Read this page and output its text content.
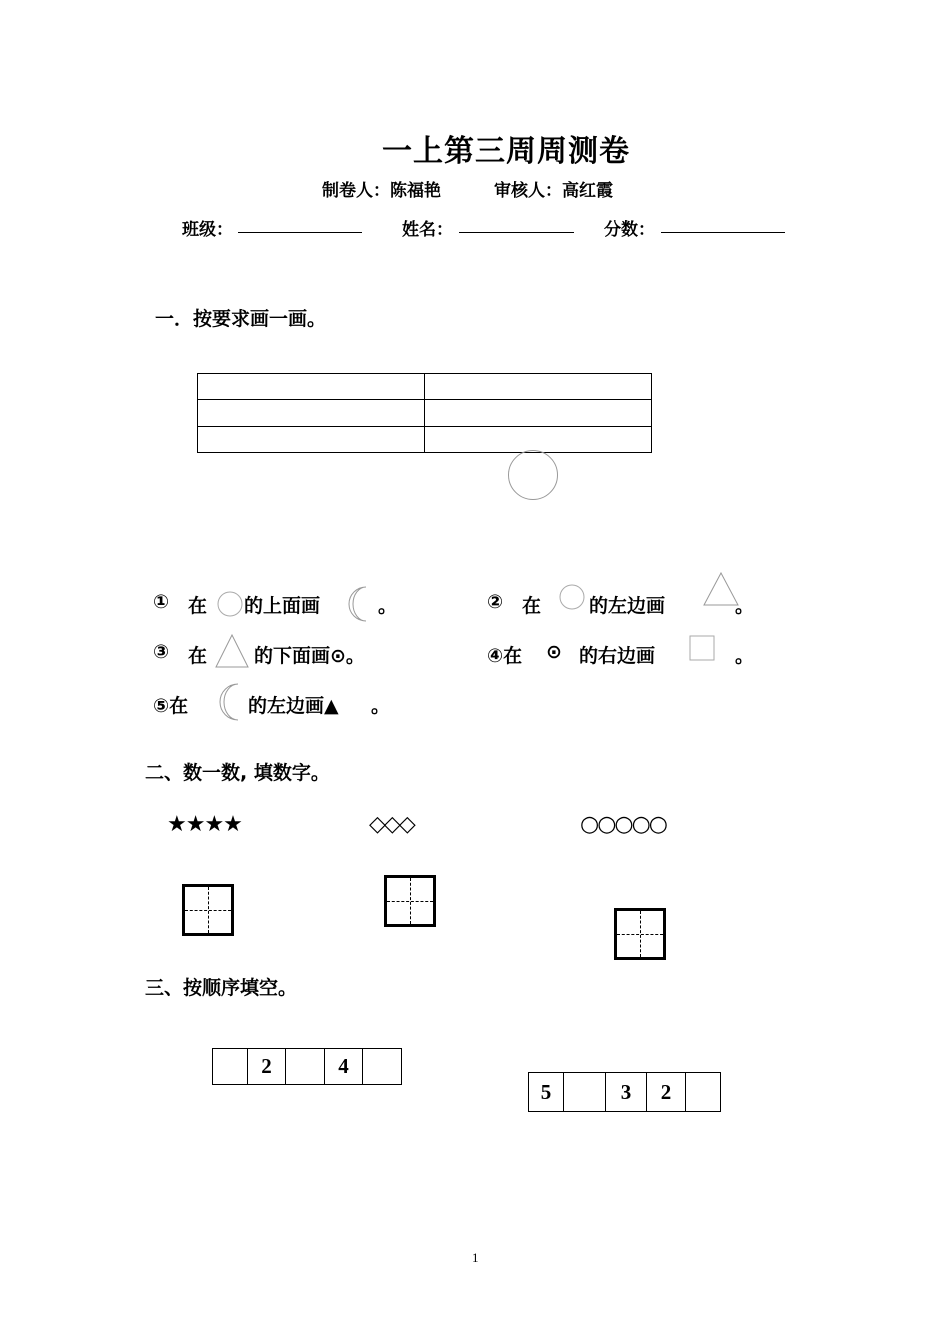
一上第三周周测卷
制卷人：陈福艳	审核人：高红霞
班级：	姓名：	分数：
一．按要求画一画。

① 在 的上面画	。	② 在	的左边画	。
③ 在 的下面画⊙。	④在 ⊙ 的右边画	。
⑤在	的左边画▲ 。
二、数一数, 填数字。
★★★★	◇◇◇	○○○○○
三、按顺序填空。
	2		4	
5		3	2	
1
